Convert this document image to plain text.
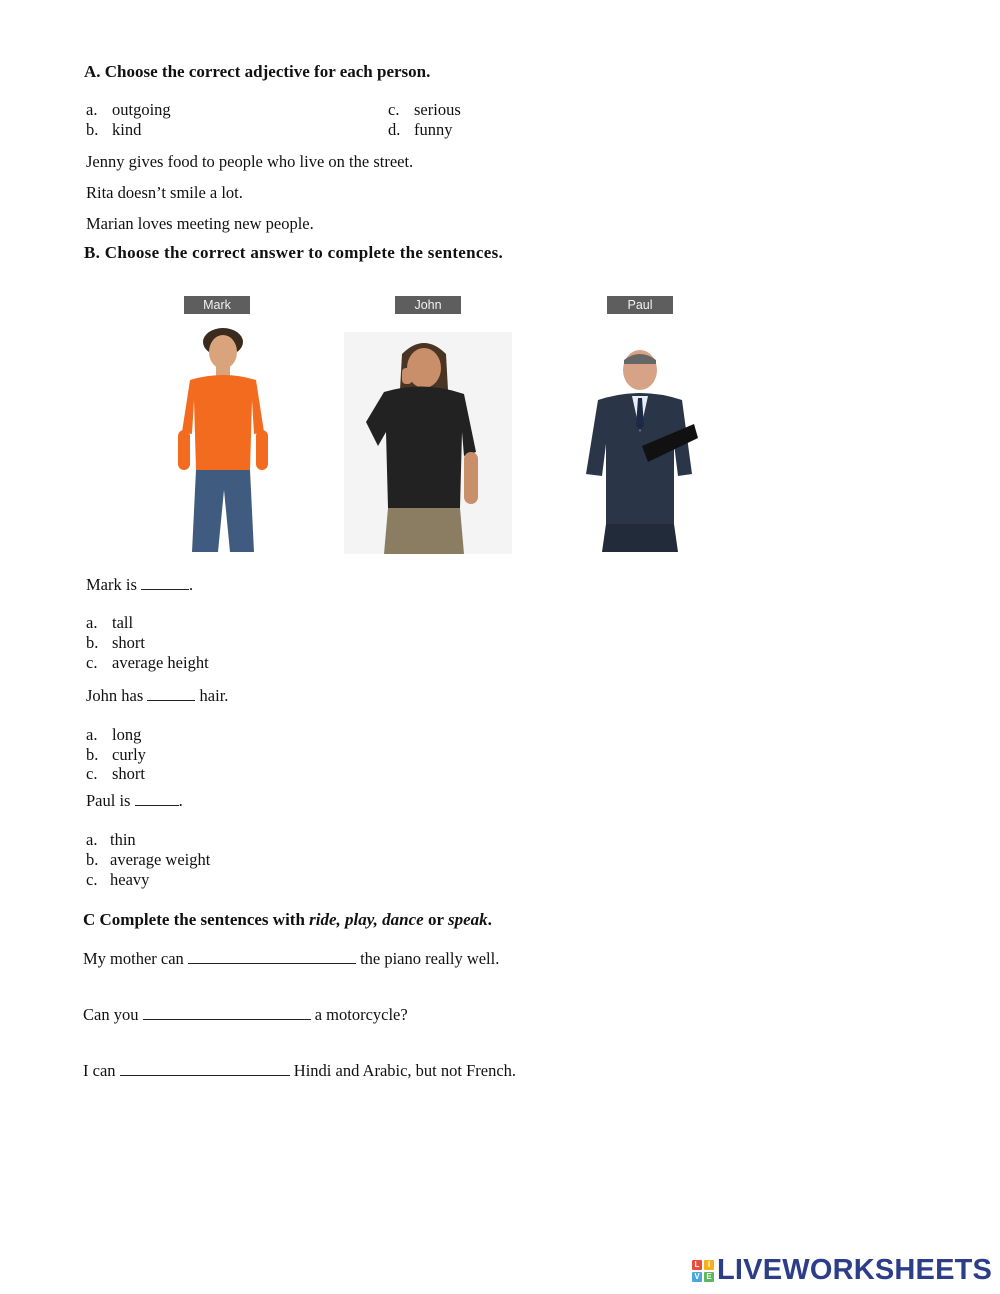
A. Choose the correct adjective for each person.
a. outgoing
b. kind
c. serious
d. funny
Jenny gives food to people who live on the street.
Rita doesn’t smile a lot.
Marian loves meeting new people.
B. Choose the correct answer to complete the sentences.
Mark	John	Paul
Mark is	.
a. tall
b. short
c. average height
John has	hair.
a. long
b. curly
c. short
Paul is	.
a. thin
b. average weight
c. heavy
C Complete the sentences with ride, play, dance or speak.
My mother can	the piano really well.
Can you	a motorcycle?
I can	Hindi and Arabic, but not French.
L	I
V E LIVEWORKSHEETS
